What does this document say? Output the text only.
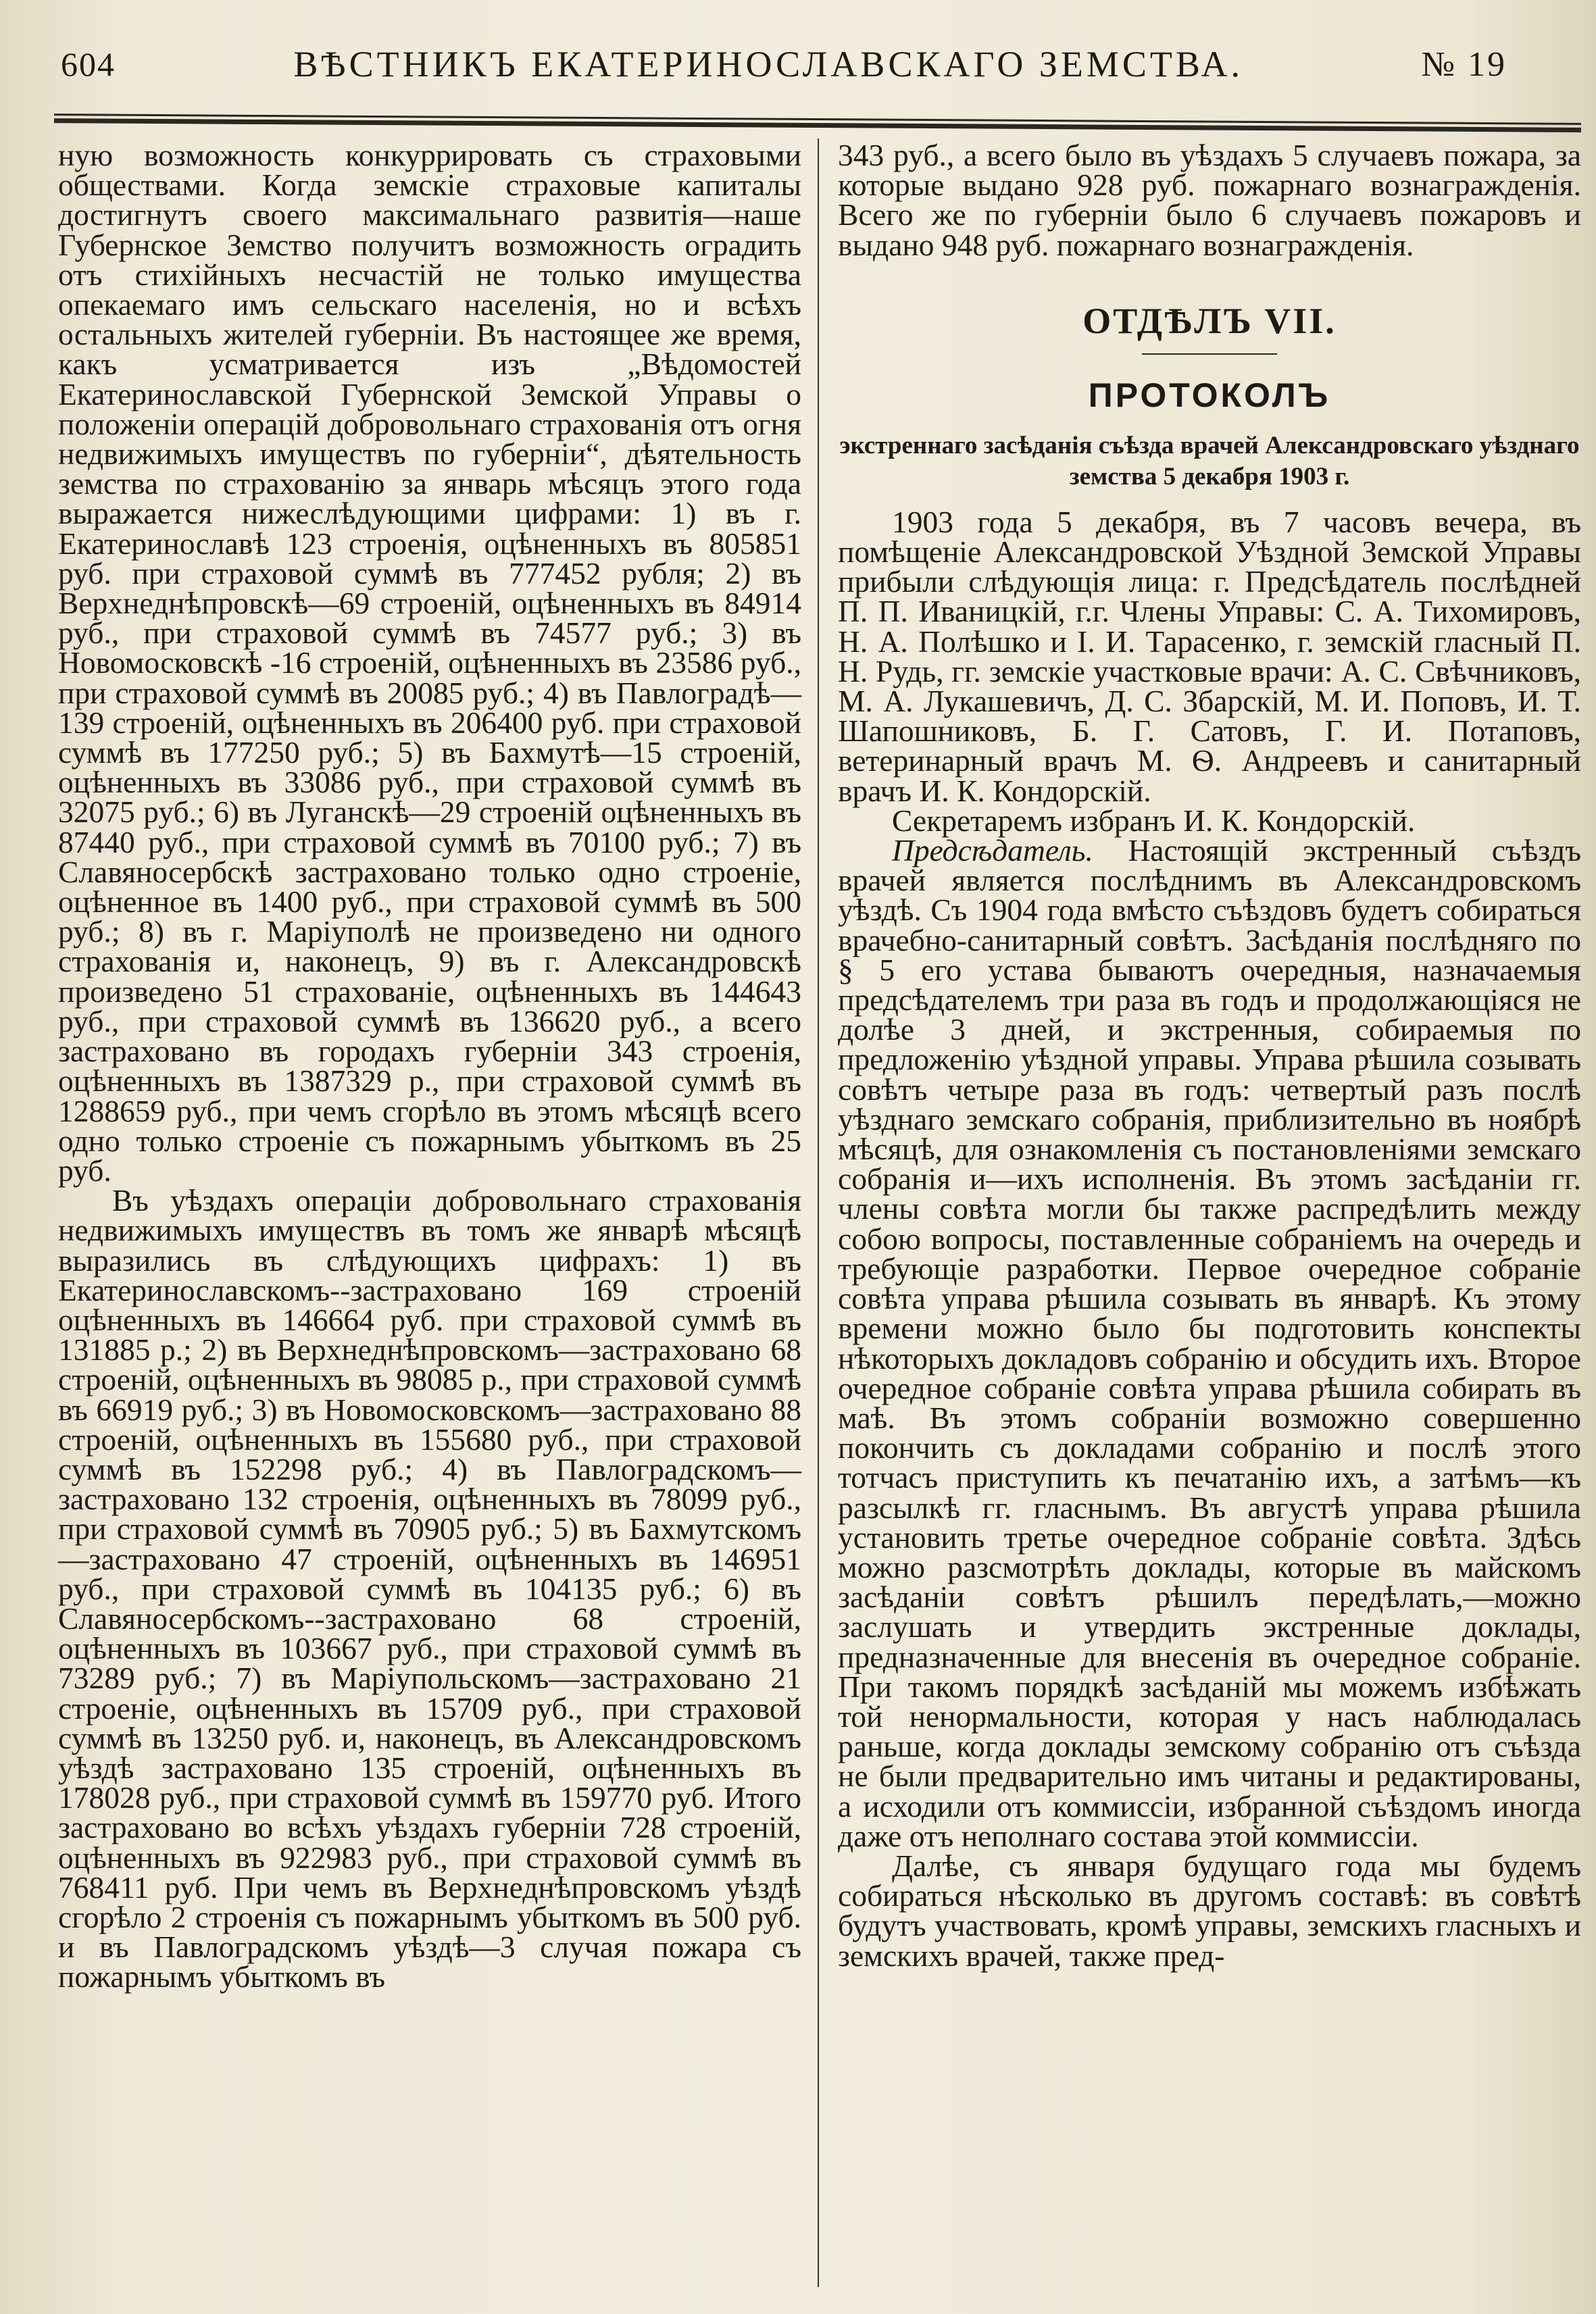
604	ВѢСТНИКЪ ЕКАТЕРИНОСЛАВСКАГО ЗЕМСТВА.	№ 19

ную возможность конкуррировать съ страховыми обществами. Когда земскіе страховые капиталы достигнутъ своего максимальнаго развитія—наше Губернское Земство получитъ возможность оградить отъ стихійныхъ несчастій не только имущества опекаемаго имъ сельскаго населенія, но и всѣхъ остальныхъ жителей губерніи. Въ настоящее же время, какъ усматривается изъ „Вѣдомостей Екатеринославской Губернской Земской Управы о положеніи операцій добровольнаго страхованія отъ огня недвижимыхъ имуществъ по губерніи“, дѣятельность земства по страхованію за январь мѣсяцъ этого года выражается нижеслѣдующими цифрами: 1) въ г. Екатеринославѣ 123 строенія, оцѣненныхъ въ 805851 руб. при страховой суммѣ въ 777452 рубля; 2) въ Верхнеднѣпровскѣ—69 строеній, оцѣненныхъ въ 84914 руб., при страховой суммѣ въ 74577 руб.; 3) въ Новомосковскѣ -16 строеній, оцѣненныхъ въ 23586 руб., при страховой суммѣ въ 20085 руб.; 4) въ Павлоградѣ—139 строеній, оцѣненныхъ въ 206400 руб. при страховой суммѣ въ 177250 руб.; 5) въ Бахмутѣ—15 строеній, оцѣненныхъ въ 33086 руб., при страховой суммѣ въ 32075 руб.; 6) въ Луганскѣ—29 строеній оцѣненныхъ въ 87440 руб., при страховой суммѣ въ 70100 руб.; 7) въ Славяносербскѣ застраховано только одно строеніе, оцѣненное въ 1400 руб., при страховой суммѣ въ 500 руб.; 8) въ г. Маріуполѣ не произведено ни одного страхованія и, наконецъ, 9) въ г. Александровскѣ произведено 51 страхованіе, оцѣненныхъ въ 144643 руб., при страховой суммѣ въ 136620 руб., а всего застраховано въ городахъ губерніи 343 строенія, оцѣненныхъ въ 1387329 р., при страховой суммѣ въ 1288659 руб., при чемъ сгорѣло въ этомъ мѣсяцѣ всего одно только строеніе съ пожарнымъ убыткомъ въ 25 руб.

Въ уѣздахъ операціи добровольнаго страхованія недвижимыхъ имуществъ въ томъ же январѣ мѣсяцѣ выразились въ слѣдующихъ цифрахъ: 1) въ Екатеринославскомъ--застраховано 169 строеній оцѣненныхъ въ 146664 руб. при страховой суммѣ въ 131885 р.; 2) въ Верхнеднѣпровскомъ—застраховано 68 строеній, оцѣненныхъ въ 98085 р., при страховой суммѣ въ 66919 руб.; 3) въ Новомосковскомъ—застраховано 88 строеній, оцѣненныхъ въ 155680 руб., при страховой суммѣ въ 152298 руб.; 4) въ Павлоградскомъ—застраховано 132 строенія, оцѣненныхъ въ 78099 руб., при страховой суммѣ въ 70905 руб.; 5) въ Бахмутскомъ—застраховано 47 строеній, оцѣненныхъ въ 146951 руб., при страховой суммѣ въ 104135 руб.; 6) въ Славяносербскомъ--застраховано 68 строеній, оцѣненныхъ въ 103667 руб., при страховой суммѣ въ 73289 руб.; 7) въ Маріупольскомъ—застраховано 21 строеніе, оцѣненныхъ въ 15709 руб., при страховой суммѣ въ 13250 руб. и, наконецъ, въ Александровскомъ уѣздѣ застраховано 135 строеній, оцѣненныхъ въ 178028 руб., при страховой суммѣ въ 159770 руб. Итого застраховано во всѣхъ уѣздахъ губерніи 728 строеній, оцѣненныхъ въ 922983 руб., при страховой суммѣ въ 768411 руб. При чемъ въ Верхнеднѣпровскомъ уѣздѣ сгорѣло 2 строенія съ пожарнымъ убыткомъ въ 500 руб. и въ Павлоградскомъ уѣздѣ—3 случая пожара съ пожарнымъ убыткомъ въ

343 руб., а всего было въ уѣздахъ 5 случаевъ пожара, за которые выдано 928 руб. пожарнаго вознагражденія. Всего же по губерніи было 6 случаевъ пожаровъ и выдано 948 руб. пожарнаго вознагражденія.

ОТДѢЛЪ VII.
ПРОТОКОЛЪ
экстреннаго засѣданія съѣзда врачей Александровскаго уѣзднаго земства 5 декабря 1903 г.

1903 года 5 декабря, въ 7 часовъ вечера, въ помѣщеніе Александровской Уѣздной Земской Управы прибыли слѣдующія лица: г. Предсѣдатель послѣдней П. П. Иваницкій, г.г. Члены Управы: С. А. Тихомировъ, Н. А. Полѣшко и І. И. Тарасенко, г. земскій гласный П. Н. Рудь, гг. земскіе участковые врачи: А. С. Свѣчниковъ, М. А. Лукашевичъ, Д. С. Збарскій, М. И. Поповъ, И. Т. Шапошниковъ, Б. Г. Сатовъ, Г. И. Потаповъ, ветеринарный врачъ М. Ѳ. Андреевъ и санитарный врачъ И. К. Кондорскій.

Секретаремъ избранъ И. К. Кондорскій.

Предсѣдатель. Настоящій экстренный съѣздъ врачей является послѣднимъ въ Александровскомъ уѣздѣ. Съ 1904 года вмѣсто съѣздовъ будетъ собираться врачебно-санитарный совѣтъ. Засѣданія послѣдняго по § 5 его устава бываютъ очередныя, назначаемыя предсѣдателемъ три раза въ годъ и продолжающіяся не долѣе 3 дней, и экстренныя, собираемыя по предложенію уѣздной управы. Управа рѣшила созывать совѣтъ четыре раза въ годъ: четвертый разъ послѣ уѣзднаго земскаго собранія, приблизительно въ ноябрѣ мѣсяцѣ, для ознакомленія съ постановленіями земскаго собранія и—ихъ исполненія. Въ этомъ засѣданіи гг. члены совѣта могли бы также распредѣлить между собою вопросы, поставленные собраніемъ на очередь и требующіе разработки. Первое очередное собраніе совѣта управа рѣшила созывать въ январѣ. Къ этому времени можно было бы подготовить конспекты нѣкоторыхъ докладовъ собранію и обсудить ихъ. Второе очередное собраніе совѣта управа рѣшила собирать въ маѣ. Въ этомъ собраніи возможно совершенно покончить съ докладами собранію и послѣ этого тотчасъ приступить къ печатанію ихъ, а затѣмъ—къ разсылкѣ гг. гласнымъ. Въ августѣ управа рѣшила установить третье очередное собраніе совѣта. Здѣсь можно разсмотрѣть доклады, которые въ майскомъ засѣданіи совѣтъ рѣшилъ передѣлать,—можно заслушать и утвердить экстренные доклады, предназначенные для внесенія въ очередное собраніе. При такомъ порядкѣ засѣданій мы можемъ избѣжать той ненормальности, которая у насъ наблюдалась раньше, когда доклады земскому собранію отъ съѣзда не были предварительно имъ читаны и редактированы, а исходили отъ коммиссіи, избранной съѣздомъ иногда даже отъ неполнаго состава этой коммиссіи.

Далѣе, съ января будущаго года мы будемъ собираться нѣсколько въ другомъ составѣ: въ совѣтѣ будутъ участвовать, кромѣ управы, земскихъ гласныхъ и земскихъ врачей, также пред-
